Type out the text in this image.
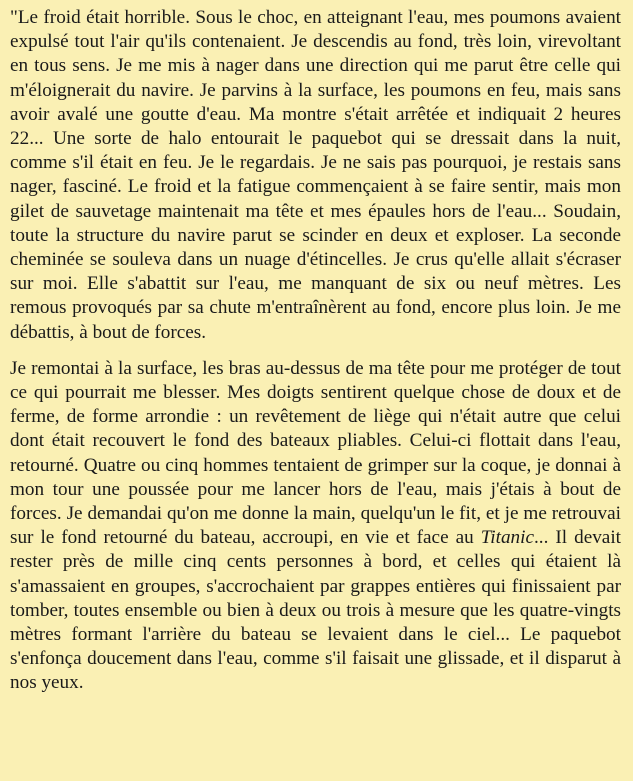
"Le froid était horrible. Sous le choc, en atteignant l'eau, mes poumons avaient expulsé tout l'air qu'ils contenaient. Je descendis au fond, très loin, virevoltant en tous sens. Je me mis à nager dans une direction qui me parut être celle qui m'éloignerait du navire. Je parvins à la surface, les poumons en feu, mais sans avoir avalé une goutte d'eau. Ma montre s'était arrêtée et indiquait 2 heures 22... Une sorte de halo entourait le paquebot qui se dressait dans la nuit, comme s'il était en feu. Je le regardais. Je ne sais pas pourquoi, je restais sans nager, fasciné. Le froid et la fatigue commençaient à se faire sentir, mais mon gilet de sauvetage maintenait ma tête et mes épaules hors de l'eau... Soudain, toute la structure du navire parut se scinder en deux et exploser. La seconde cheminée se souleva dans un nuage d'étincelles. Je crus qu'elle allait s'écraser sur moi. Elle s'abattit sur l'eau, me manquant de six ou neuf mètres. Les remous provoqués par sa chute m'entraînèrent au fond, encore plus loin. Je me débattis, à bout de forces.

Je remontai à la surface, les bras au-dessus de ma tête pour me protéger de tout ce qui pourrait me blesser. Mes doigts sentirent quelque chose de doux et de ferme, de forme arrondie : un revêtement de liège qui n'était autre que celui dont était recouvert le fond des bateaux pliables. Celui-ci flottait dans l'eau, retourné. Quatre ou cinq hommes tentaient de grimper sur la coque, je donnai à mon tour une poussée pour me lancer hors de l'eau, mais j'étais à bout de forces. Je demandai qu'on me donne la main, quelqu'un le fit, et je me retrouvai sur le fond retourné du bateau, accroupi, en vie et face au Titanic... Il devait rester près de mille cinq cents personnes à bord, et celles qui étaient là s'amassaient en groupes, s'accrochaient par grappes entières qui finissaient par tomber, toutes ensemble ou bien à deux ou trois à mesure que les quatre-vingts mètres formant l'arrière du bateau se levaient dans le ciel... Le paquebot s'enfonça doucement dans l'eau, comme s'il faisait une glissade, et il disparut à nos yeux.
